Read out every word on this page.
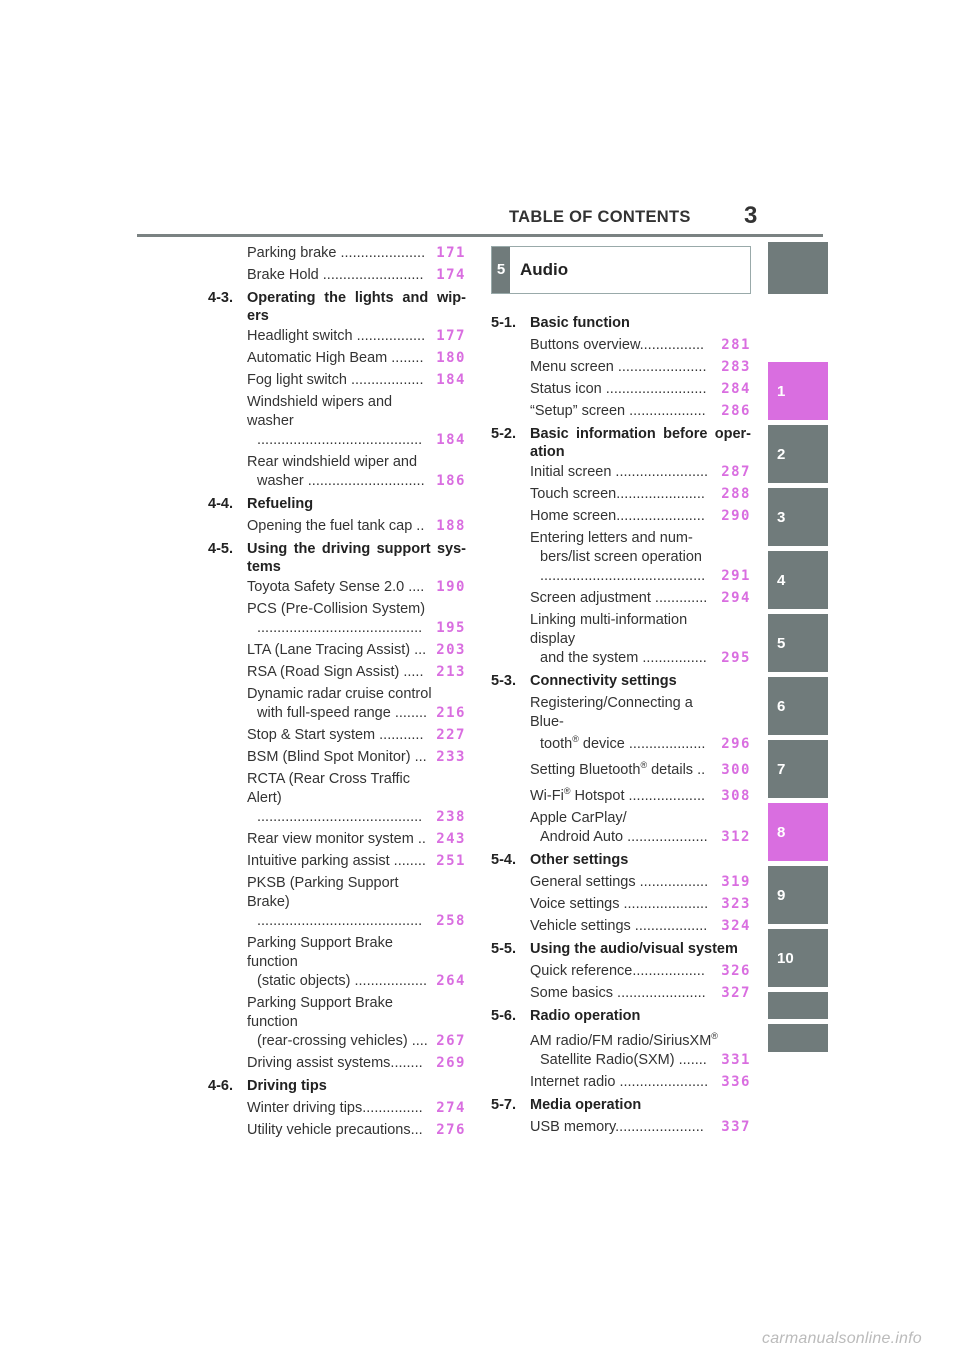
TABLE OF CONTENTS 3
1
2
3
4
5
6
7
8
9
10
Parking brake ..................... 171
Brake Hold ......................... 174
4-3. Operating the lights and wip-ers
Headlight switch ................. 177
Automatic High Beam ........ 180
Fog light switch .................. 184
Windshield wipers and washer
.........................................	184
Rear windshield wiper and
washer ............................. 186
4-4. Refueling
Opening the fuel tank cap .. 188
4-5. Using the driving support sys-tems
Toyota Safety Sense 2.0 .... 190
PCS (Pre-Collision System)
.........................................	195
LTA (Lane Tracing Assist) ... 203
RSA (Road Sign Assist) ..... 213
Dynamic radar cruise control
with full-speed range ........ 216
Stop & Start system ........... 227
BSM (Blind Spot Monitor) ... 233
RCTA (Rear Cross Traffic Alert)
.........................................	238
Rear view monitor system .. 243
Intuitive parking assist ........ 251
PKSB (Parking Support Brake)
.........................................	258
Parking Support Brake function
(static objects) .................. 264
Parking Support Brake function
(rear-crossing vehicles) .... 267
Driving assist systems........ 269
4-6. Driving tips
Winter driving tips............... 274
Utility vehicle precautions... 276
5 Audio
5-1. Basic function
Buttons overview................	281
Menu screen ......................	283
Status icon .........................	284
“Setup” screen ...................	286
5-2. Basic information before oper-ation
Initial screen ....................... 287
Touch screen......................	288
Home screen......................	290
Entering letters and num-
bers/list screen operation
.........................................	291
Screen adjustment ............. 294
Linking multi-information display
and the system ................	295
5-3. Connectivity settings
Registering/Connecting a Blue-
tooth® device ...................	296
Setting Bluetooth® details ..	300
Wi-Fi® Hotspot ...................	308
Apple CarPlay/
Android Auto .................... 312
5-4. Other settings
General settings ................. 319
Voice settings ..................... 323
Vehicle settings .................. 324
5-5. Using the audio/visual system
Quick reference..................	326
Some basics ......................	327
5-6. Radio operation
AM radio/FM radio/SiriusXM®
Satellite Radio(SXM) .......	331
Internet radio ...................... 336
5-7. Media operation
USB memory......................	337
carmanualsonline.info
